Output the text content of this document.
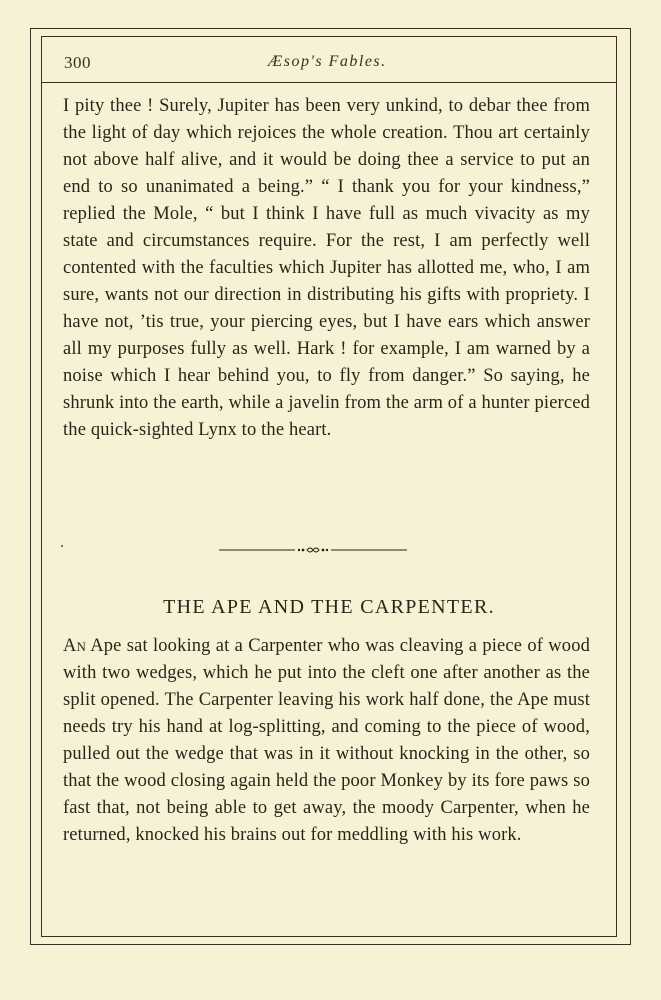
300	Æsop's Fables.

I pity thee ! Surely, Jupiter has been very unkind, to debar thee from the light of day which rejoices the whole creation. Thou art certainly not above half alive, and it would be doing thee a service to put an end to so unanimated a being.” “ I thank you for your kindness,” replied the Mole, “ but I think I have full as much vivacity as my state and circumstances require. For the rest, I am perfectly well contented with the faculties which Jupiter has allotted me, who, I am sure, wants not our direction in distributing his gifts with propriety. I have not, ’tis true, your piercing eyes, but I have ears which answer all my purposes fully as well. Hark ! for example, I am warned by a noise which I hear behind you, to fly from danger.” So saying, he shrunk into the earth, while a javelin from the arm of a hunter pierced the quick-sighted Lynx to the heart.

THE APE AND THE CARPENTER.

An Ape sat looking at a Carpenter who was cleaving a piece of wood with two wedges, which he put into the cleft one after another as the split opened. The Carpenter leaving his work half done, the Ape must needs try his hand at log-splitting, and coming to the piece of wood, pulled out the wedge that was in it without knocking in the other, so that the wood closing again held the poor Monkey by its fore paws so fast that, not being able to get away, the moody Carpenter, when he returned, knocked his brains out for meddling with his work.
